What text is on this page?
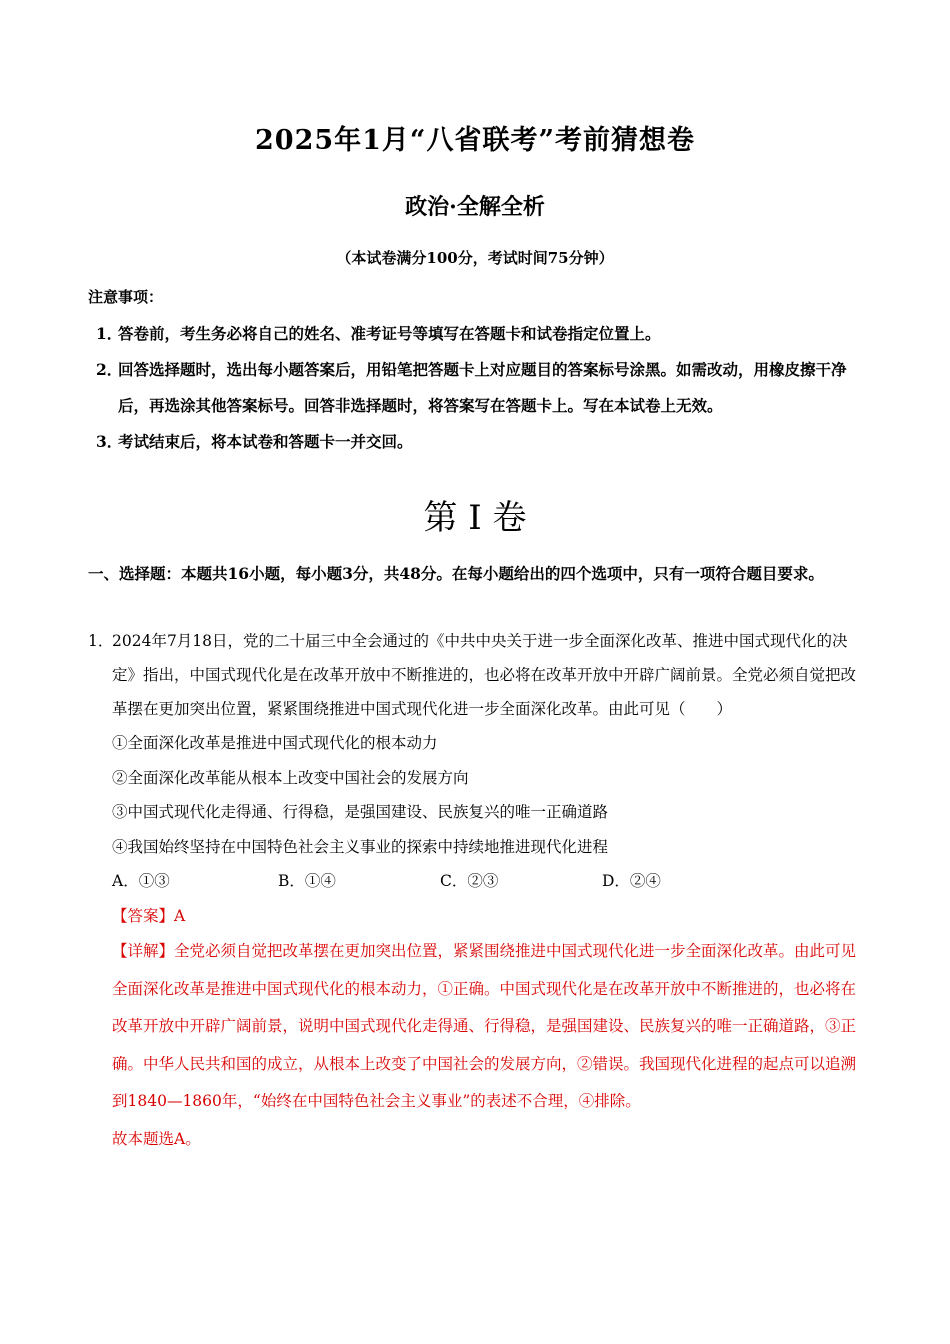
2025年1月“八省联考”考前猜想卷
政治·全解全析
（本试卷满分100分，考试时间75分钟）
注意事项：
1．
答卷前，考生务必将自己的姓名、准考证号等填写在答题卡和试卷指定位置上。
2．
回答选择题时，选出每小题答案后，用铅笔把答题卡上对应题目的答案标号涂黑。如需改动，用橡皮擦干净后，再选涂其他答案标号。回答非选择题时，将答案写在答题卡上。写在本试卷上无效。
3．
考试结束后，将本试卷和答题卡一并交回。
第 I 卷
一、选择题：本题共16小题，每小题3分，共48分。在每小题给出的四个选项中，只有一项符合题目要求。
1．
2024年7月18日，党的二十届三中全会通过的《中共中央关于进一步全面深化改革、推进中国式现代化的决定》指出，中国式现代化是在改革开放中不断推进的，也必将在改革开放中开辟广阔前景。全党必须自觉把改革摆在更加突出位置，紧紧围绕推进中国式现代化进一步全面深化改革。由此可见（　　）
①全面深化改革是推进中国式现代化的根本动力
②全面深化改革能从根本上改变中国社会的发展方向
③中国式现代化走得通、行得稳，是强国建设、民族复兴的唯一正确道路
④我国始终坚持在中国特色社会主义事业的探索中持续地推进现代化进程
A．①③	B．①④	C．②③	D．②④
【答案】A
【详解】全党必须自觉把改革摆在更加突出位置，紧紧围绕推进中国式现代化进一步全面深化改革。由此可见全面深化改革是推进中国式现代化的根本动力，①正确。中国式现代化是在改革开放中不断推进的，也必将在改革开放中开辟广阔前景，说明中国式现代化走得通、行得稳，是强国建设、民族复兴的唯一正确道路，③正确。中华人民共和国的成立，从根本上改变了中国社会的发展方向，②错误。我国现代化进程的起点可以追溯到1840—1860年，“始终在中国特色社会主义事业”的表述不合理，④排除。
故本题选A。
